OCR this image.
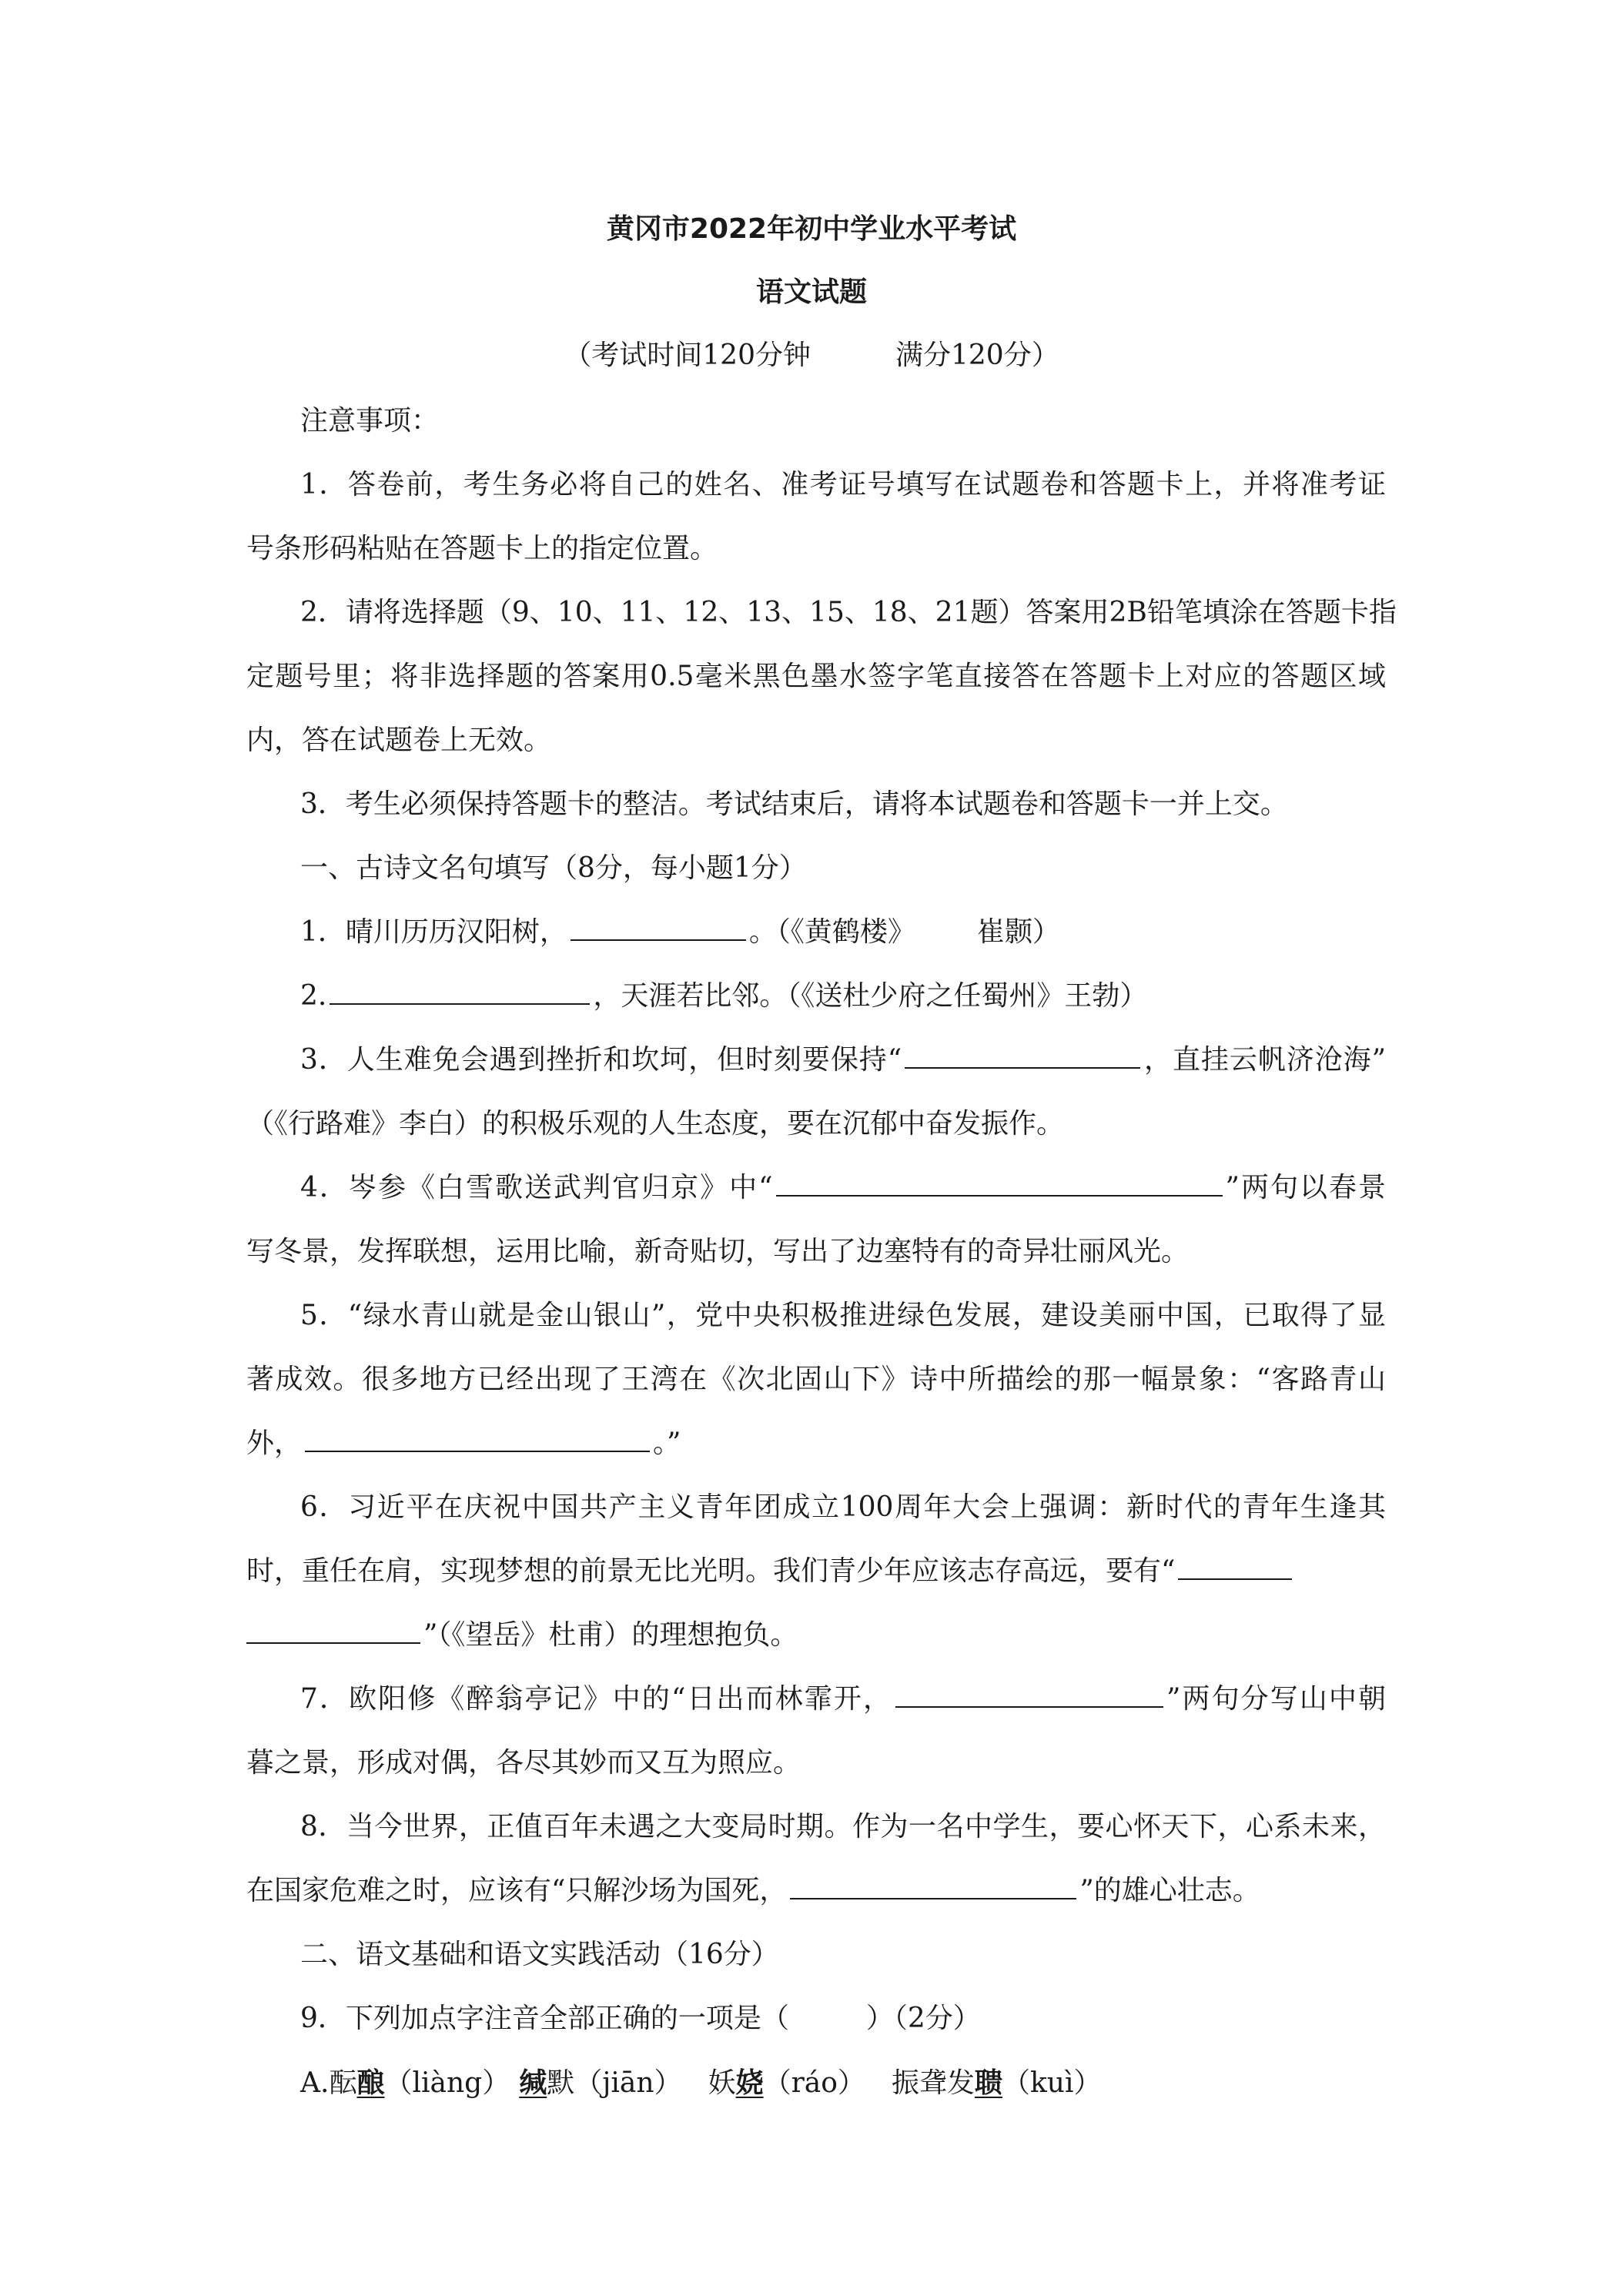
黄冈市2022年初中学业水平考试
语文试题
（考试时间120分钟	满分120分）
注意事项：
1．答卷前，考生务必将自己的姓名、准考证号填写在试题卷和答题卡上，并将准考证
号条形码粘贴在答题卡上的指定位置。
2．请将选择题（9、10、11、12、13、15、18、21题）答案用2B铅笔填涂在答题卡指
定题号里；将非选择题的答案用0.5毫米黑色墨水签字笔直接答在答题卡上对应的答题区域
内，答在试题卷上无效。
3．考生必须保持答题卡的整洁。考试结束后，请将本试题卷和答题卡一并上交。
一、古诗文名句填写（8分，每小题1分）
1．晴川历历汉阳树，	。（《黄鹤楼》 崔颢）
2.	，天涯若比邻。（《送杜少府之任蜀州》王勃）
3．人生难免会遇到挫折和坎坷，但时刻要保持“	，直挂云帆济沧海”
（《行路难》李白）的积极乐观的人生态度，要在沉郁中奋发振作。
4．岑参《白雪歌送武判官归京》中“	”两句以春景
写冬景，发挥联想，运用比喻，新奇贴切，写出了边塞特有的奇异壮丽风光。
5．“绿水青山就是金山银山”，党中央积极推进绿色发展，建设美丽中国，已取得了显
著成效。很多地方已经出现了王湾在《次北固山下》诗中所描绘的那一幅景象：“客路青山
外，	。”
6．习近平在庆祝中国共产主义青年团成立100周年大会上强调：新时代的青年生逢其
时，重任在肩，实现梦想的前景无比光明。我们青少年应该志存高远，要有“
”（《望岳》杜甫）的理想抱负。
7．欧阳修《醉翁亭记》中的“日出而林霏开，	”两句分写山中朝
暮之景，形成对偶，各尽其妙而又互为照应。
8．当今世界，正值百年未遇之大变局时期。作为一名中学生，要心怀天下，心系未来，
在国家危难之时，应该有“只解沙场为国死，	”的雄心壮志。
二、语文基础和语文实践活动（16分）
9．下列加点字注音全部正确的一项是（	）（2分）
A.酝酿（liàng） 缄默（jiān） 妖娆（ráo） 振聋发聩（kuì）
